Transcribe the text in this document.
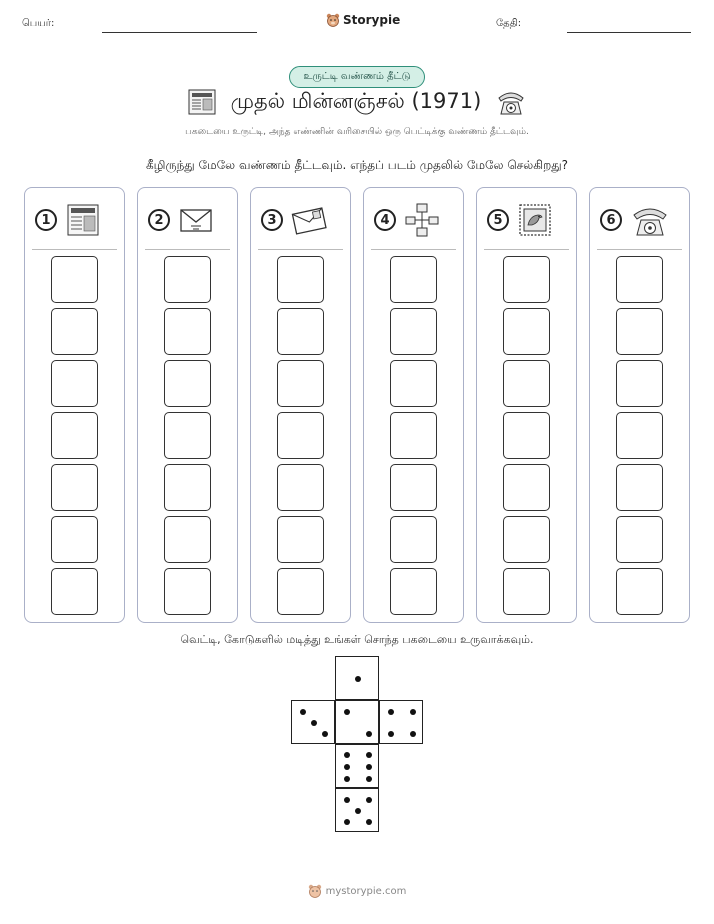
பெயர்:	Storypie	தேதி:
உருட்டி வண்ணம் தீட்டு
முதல் மின்னஞ்சல் (1971)
பகடையை உருட்டி, அந்த எண்ணின் வரிசையில் ஒரு பெட்டிக்கு வண்ணம் தீட்டவும்.
கீழிருந்து மேலே வண்ணம் தீட்டவும். எந்தப் படம் முதலில் மேலே செல்கிறது?
1	2	3	4	5	6
வெட்டி, கோடுகளில் மடித்து உங்கள் சொந்த பகடையை உருவாக்கவும்.
mystorypie.com
